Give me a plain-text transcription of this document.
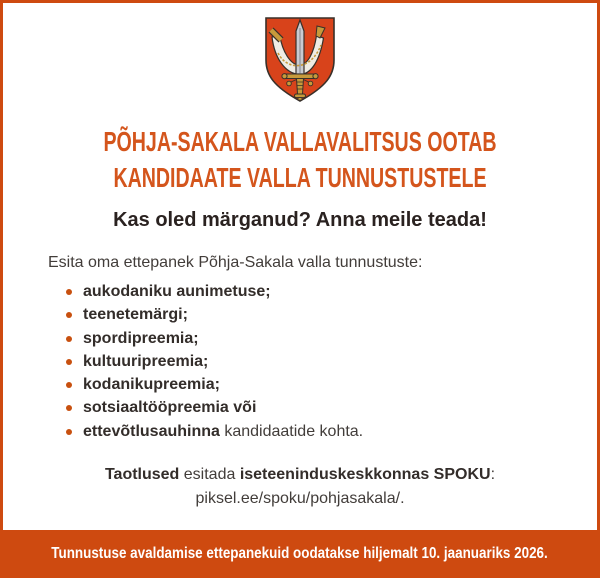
PÕHJA-SAKALA VALLAVALITSUS OOTAB
KANDIDAATE VALLA TUNNUSTUSTELE
Kas oled märganud? Anna meile teada!
Esita oma ettepanek Põhja-Sakala valla tunnustuste:
aukodaniku aunimetuse;
teenetemärgi;
spordipreemia;
kultuuripreemia;
kodanikupreemia;
sotsiaaltööpreemia või
ettevõtlusauhinna kandidaatide kohta.
Taotlused esitada iseteeninduskeskkonnas SPOKU:
piksel.ee/spoku/pohjasakala/.
Tunnustuse avaldamise ettepanekuid oodatakse hiljemalt 10. jaanuariks 2026.
